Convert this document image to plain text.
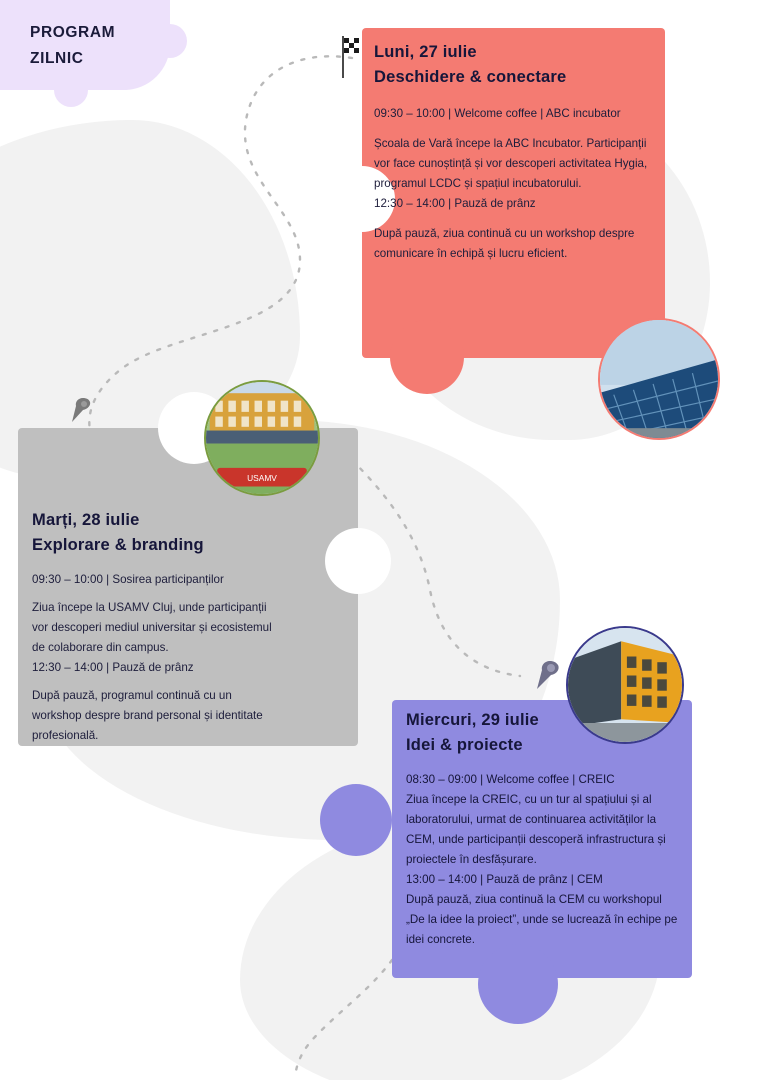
PROGRAM
ZILNIC	Luni, 27 iulie
Deschidere & conectare

09:30 – 10:00 | Welcome coffee | ABC incubator

Școala de Vară începe la ABC Incubator. Participanții vor face cunoștință și vor descoperi activitatea Hygia, programul LCDC și spațiul incubatorului.

12:30 – 14:00 | Pauză de prânz

După pauză, ziua continuă cu un workshop despre comunicare în echipă și lucru eficient.

Marți, 28 iulie
Explorare & branding

09:30 – 10:00 | Sosirea participanților

Ziua începe la USAMV Cluj, unde participanții vor descoperi mediul universitar și ecosistemul de colaborare din campus.

12:30 – 14:00 | Pauză de prânz

După pauză, programul continuă cu un workshop despre brand personal și identitate profesională.

Miercuri, 29 iulie
Idei & proiecte

08:30 – 09:00 | Welcome coffee | CREIC

Ziua începe la CREIC, cu un tur al spațiului și al laboratorului, urmat de continuarea activităților la CEM, unde participanții descoperă infrastructura și proiectele în desfășurare.

13:00 – 14:00 | Pauză de prânz | CEM

După pauză, ziua continuă la CEM cu workshopul „De la idee la proiect”, unde se lucrează în echipe pe idei concrete.

USAMV
